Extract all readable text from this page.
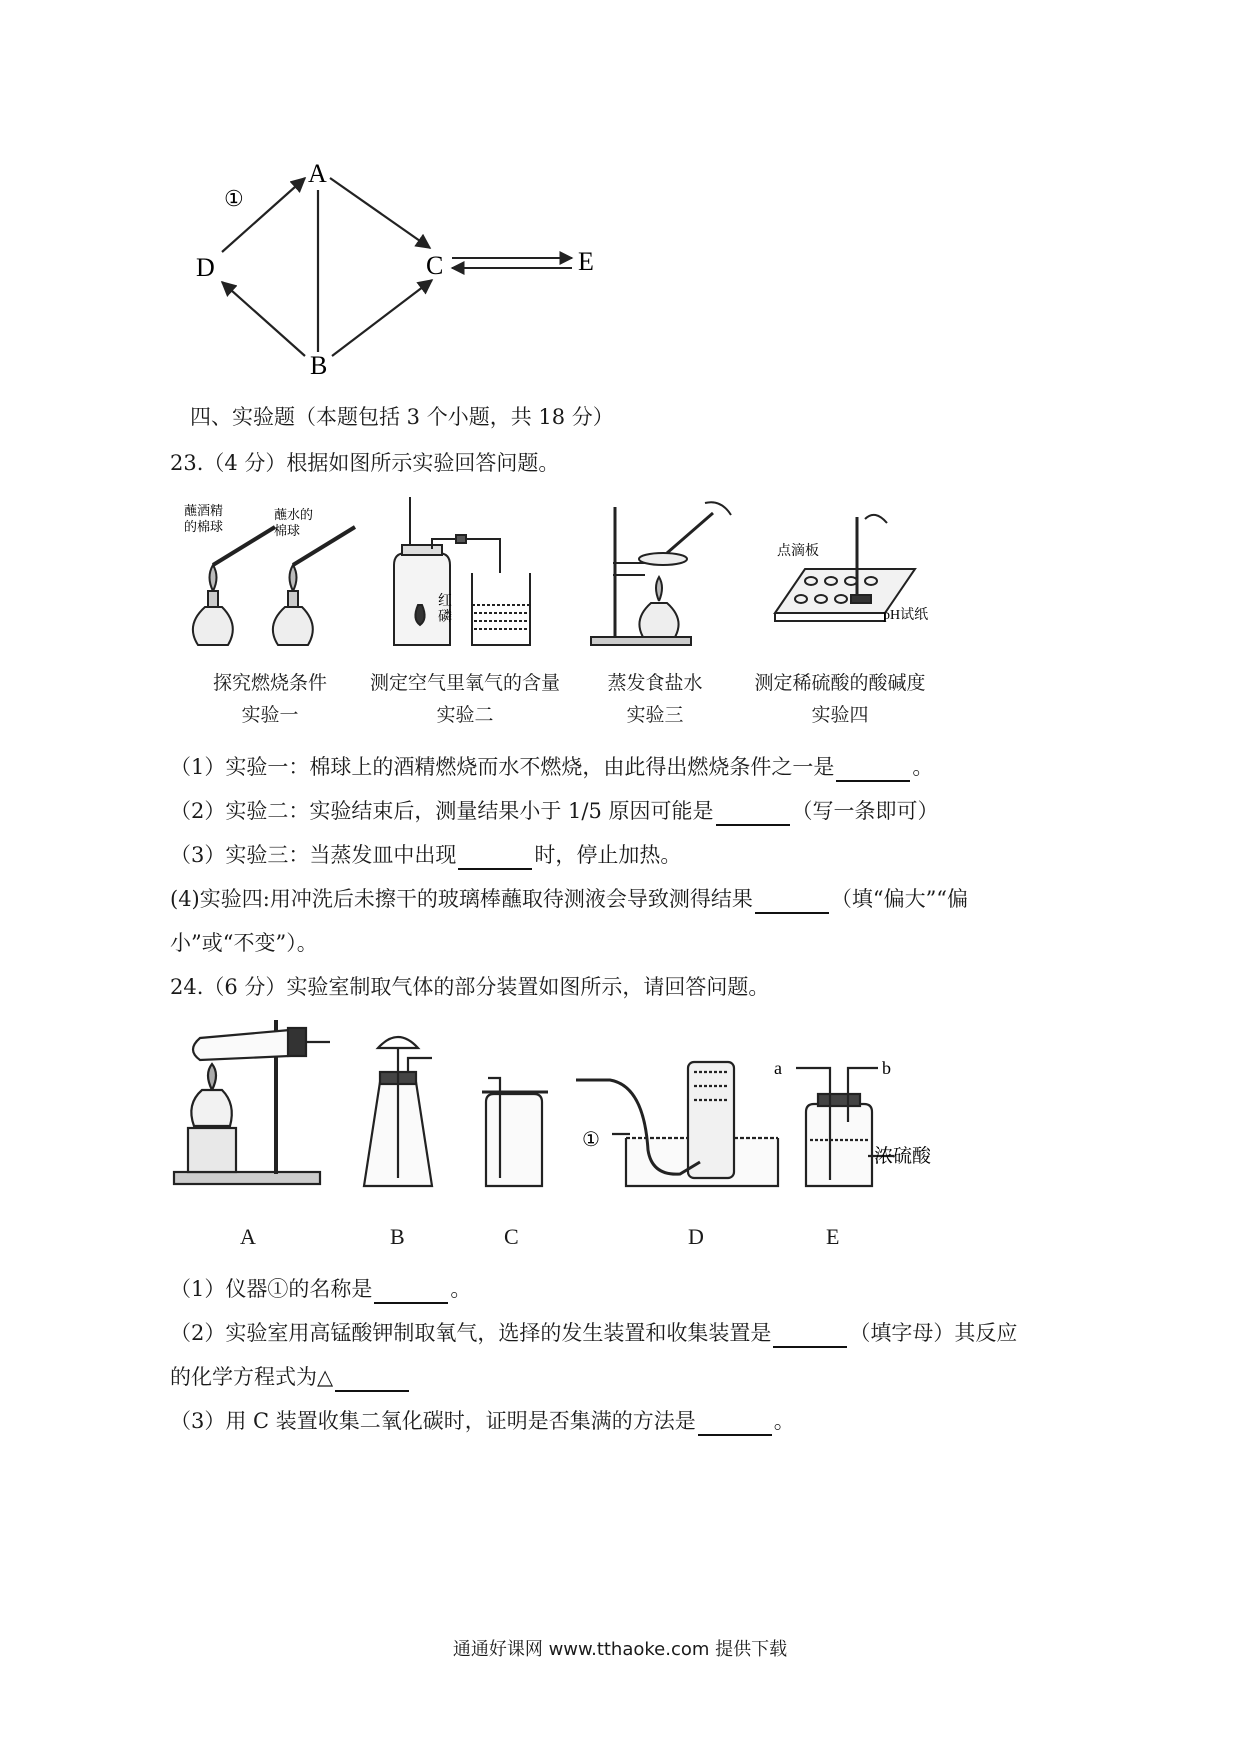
A
D	C	E
B
①
四、实验题（本题包括 3 个小题，共 18 分）
23.（4 分）根据如图所示实验回答问题。
蘸酒精
的棉球
蘸水的
棉球
探究燃烧条件
实验一
红
磷
测定空气里氧气的含量
实验二
蒸发食盐水
实验三
点滴板
pH试纸
测定稀硫酸的酸碱度
实验四
（1）实验一：棉球上的酒精燃烧而水不燃烧，由此得出燃烧条件之一是	。
（2）实验二：实验结束后，测量结果小于 1/5 原因可能是	（写一条即可）
（3）实验三：当蒸发皿中出现	时，停止加热。
(4)实验四:用冲洗后未擦干的玻璃棒蘸取待测液会导致测得结果	（填“偏大”“偏
小”或“不变”）。
24.（6 分）实验室制取气体的部分装置如图所示，请回答问题。
①
a	b
浓硫酸
A	B	C	D	E
（1）仪器①的名称是	。
（2）实验室用高锰酸钾制取氧气，选择的发生装置和收集装置是	（填字母）其反应
的化学方程式为△
（3）用 C 装置收集二氧化碳时，证明是否集满的方法是	。
通通好课网 www.tthaoke.com 提供下载
